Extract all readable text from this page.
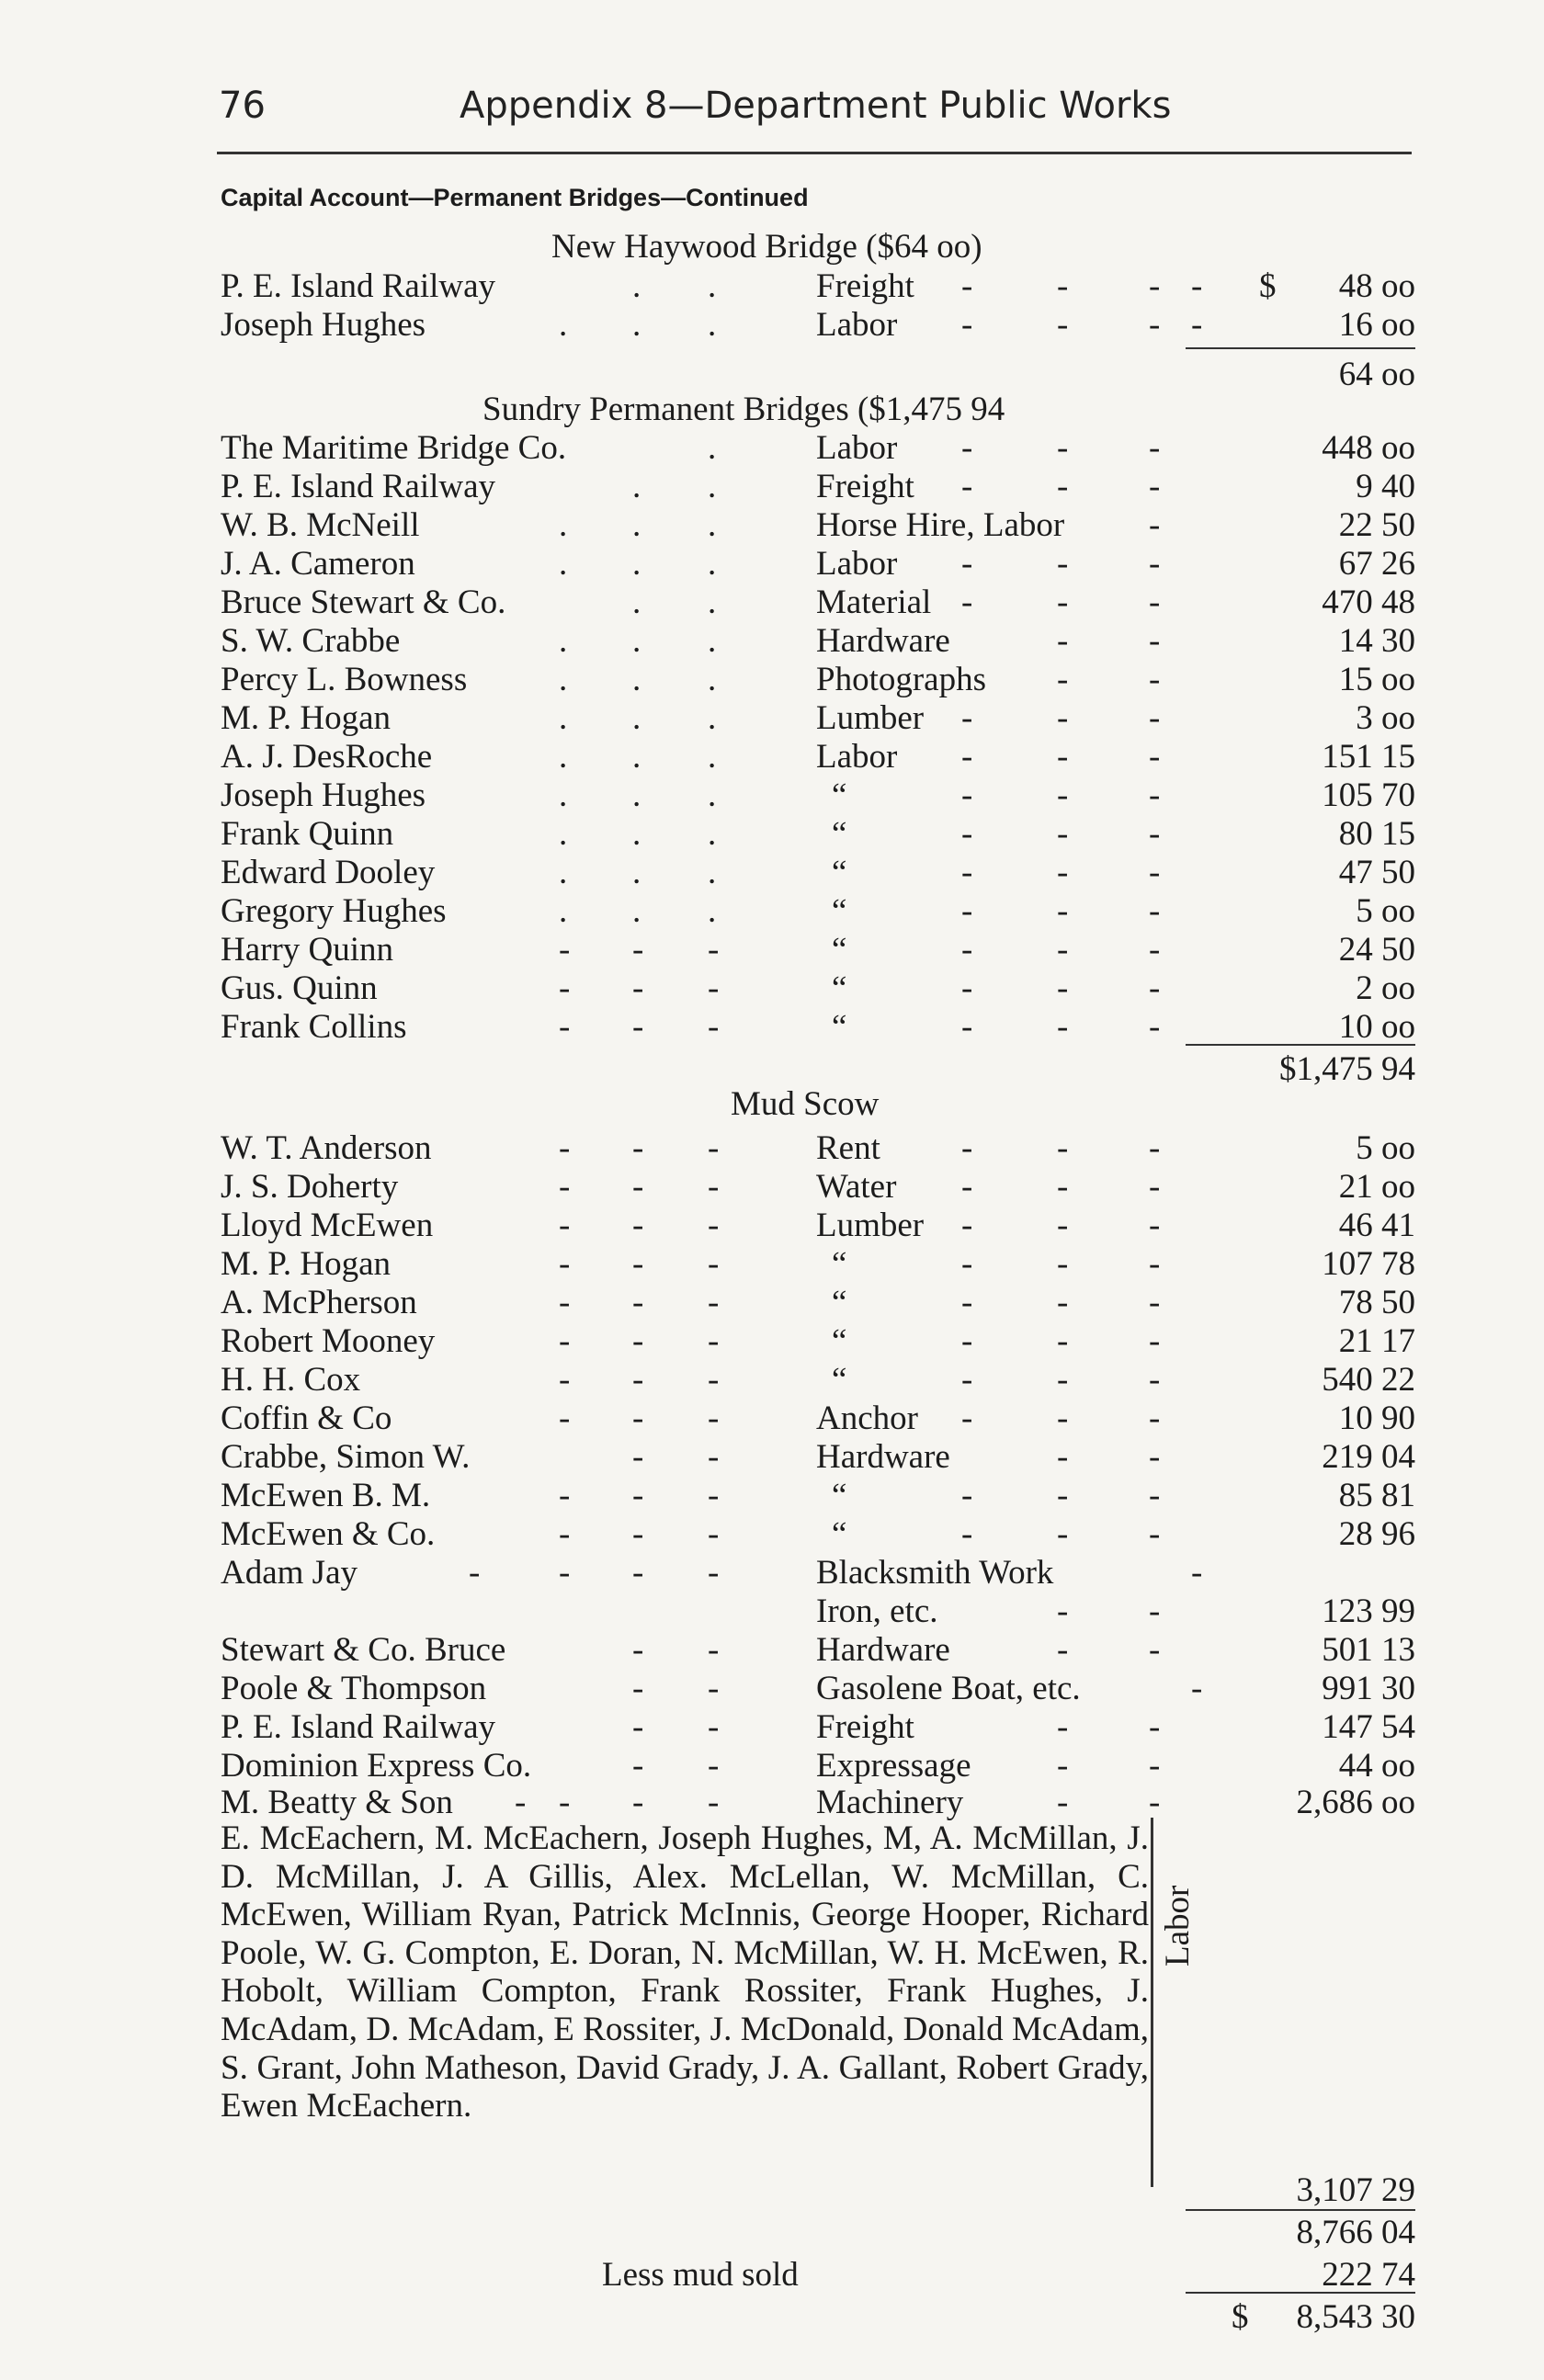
76	Appendix 8—Department Public Works
Capital Account—Permanent Bridges—Continued
New Haywood Bridge ($64 oo)
P. E. Island Railway	. .	Freight - - - - $ 48 oo
Joseph Hughes	. . .	Labor - - - -	16 oo
64 oo
Sundry Permanent Bridges ($1,475 94
The Maritime Bridge Co.	.	Labor - - -	448 oo
P. E. Island Railway	. .	Freight - - -	9 40
W. B. McNeill	. . .	Horse Hire, Labor -	22 50
J. A. Cameron	. . .	Labor - - -	67 26
Bruce Stewart & Co.	. .	Material - - -	470 48
S. W. Crabbe	. . .	Hardware	- -	14 30
Percy L. Bowness	. . .	Photographs - -	15 oo
M. P. Hogan	. . .	Lumber - - -	3 oo
A. J. DesRoche	. . .	Labor - - -	151 15
Joseph Hughes	. . .	“	- - -	105 70
Frank Quinn	. . .	“	- - -	80 15
Edward Dooley	. . .	“	- - -	47 50
Gregory Hughes	. . .	“	- - -	5 oo
Harry Quinn	- - -	“	- - -	24 50
Gus. Quinn	- - -	“	- - -	2 oo
Frank Collins	- - -	“	- - -	10 oo
$1,475 94
Mud Scow
W. T. Anderson	- - -	Rent - - -	5 oo
J. S. Doherty	- - -	Water - - -	21 oo
Lloyd McEwen	- - -	Lumber - - -	46 41
M. P. Hogan	- - -	“	- - -	107 78
A. McPherson	- - -	“	- - -	78 50
Robert Mooney	- - -	“	- - -	21 17
H. H. Cox	- - -	“	- - -	540 22
Coffin & Co	- - -	Anchor - - -	10 90
Crabbe, Simon W.	- -	Hardware	- -	219 04
McEwen B. M.	- - -	“	- - -	85 81
McEwen & Co.	- - -	“	- - -	28 96
Adam Jay	- - - -	Blacksmith Work	-
Iron, etc.	- -	123 99
Stewart & Co. Bruce	- -	Hardware	- -	501 13
Poole & Thompson	- -	Gasolene Boat, etc.	-	991 30
P. E. Island Railway	- -	Freight	- -	147 54
Dominion Express Co.	- -	Expressage	- -	44 oo
M. Beatty & Son - - - -	Machinery	- -	2,686 oo
E. McEachern, M. McEachern, Joseph Hughes, M, A. McMillan, J. D. McMillan, J. A Gillis, Alex. McLellan, W. McMillan, C. McEwen, William Ryan, Patrick McInnis, George Hooper, Richard Poole, W. G. Compton, E. Doran, N. McMillan, W. H. McEwen, R. Hobolt, William Compton, Frank Rossiter, Frank Hughes, J. McAdam, D. McAdam, E Rossiter, J. McDonald, Donald McAdam, S. Grant, John Matheson, David Grady, J. A. Gallant, Robert Grady, Ewen McEachern.
Labor
3,107 29
8,766 04
Less mud sold	222 74
$ 8,543 30
